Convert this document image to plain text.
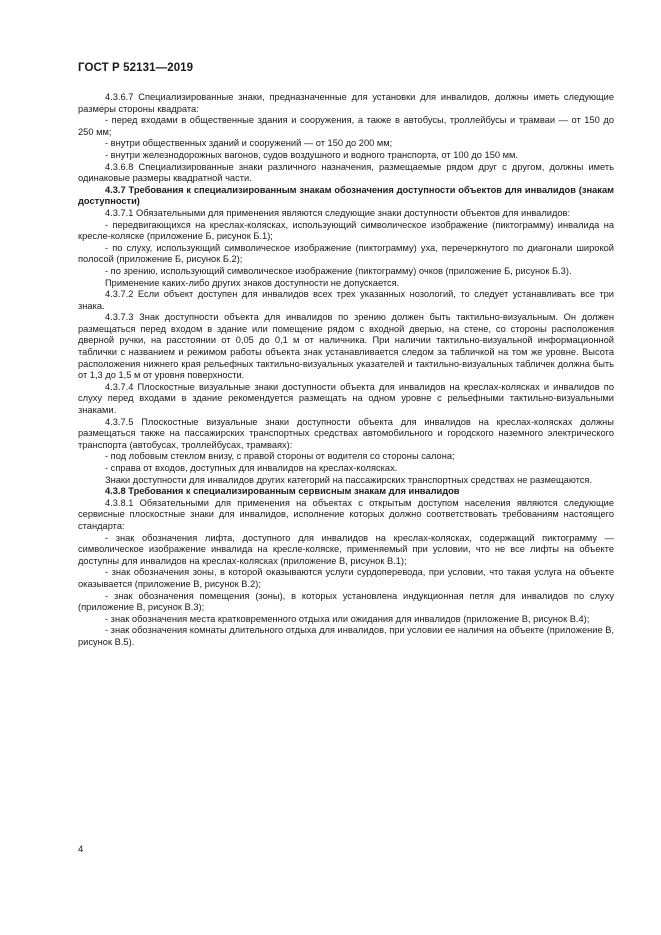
ГОСТ Р 52131—2019

4.3.6.7 Специализированные знаки, предназначенные для установки для инвалидов, должны иметь следующие размеры стороны квадрата:

- перед входами в общественные здания и сооружения, а также в автобусы, троллейбусы и трамваи — от 150 до 250 мм;

- внутри общественных зданий и сооружений — от 150 до 200 мм;

- внутри железнодорожных вагонов, судов воздушного и водного транспорта, от 100 до 150 мм.

4.3.6.8 Специализированные знаки различного назначения, размещаемые рядом друг с другом, должны иметь одинаковые размеры квадратной части.

4.3.7 Требования к специализированным знакам обозначения доступности объектов для инвалидов (знакам доступности)

4.3.7.1 Обязательными для применения являются следующие знаки доступности объектов для инвалидов:

- передвигающихся на креслах-колясках, использующий символическое изображение (пиктограмму) инвалида на кресле-коляске (приложение Б, рисунок Б.1);

- по слуху, использующий символическое изображение (пиктограмму) уха, перечеркнутого по диагонали широкой полосой (приложение Б, рисунок Б.2);

- по зрению, использующий символическое изображение (пиктограмму) очков (приложение Б, рисунок Б.3).

Применение каких-либо других знаков доступности не допускается.

4.3.7.2 Если объект доступен для инвалидов всех трех указанных нозологий, то следует устанавливать все три знака.

4.3.7.3 Знак доступности объекта для инвалидов по зрению должен быть тактильно-визуальным. Он должен размещаться перед входом в здание или помещение рядом с входной дверью, на стене, со стороны расположения дверной ручки, на расстоянии от 0,05 до 0,1 м от наличника. При наличии тактильно-визуальной информационной таблички с названием и режимом работы объекта знак устанавливается следом за табличкой на том же уровне. Высота расположения нижнего края рельефных тактильно-визуальных указателей и тактильно-визуальных табличек должна быть от 1,3 до 1,5 м от уровня поверхности.

4.3.7.4 Плоскостные визуальные знаки доступности объекта для инвалидов на креслах-колясках и инвалидов по слуху перед входами в здание рекомендуется размещать на одном уровне с рельефными тактильно-визуальными знаками.

4.3.7.5 Плоскостные визуальные знаки доступности объекта для инвалидов на креслах-колясках должны размещаться также на пассажирских транспортных средствах автомобильного и городского наземного электрического транспорта (автобусах, троллейбусах, трамваях):

- под лобовым стеклом внизу, с правой стороны от водителя со стороны салона;

- справа от входов, доступных для инвалидов на креслах-колясках.

Знаки доступности для инвалидов других категорий на пассажирских транспортных средствах не размещаются.

4.3.8 Требования к специализированным сервисным знакам для инвалидов

4.3.8.1 Обязательными для применения на объектах с открытым доступом населения являются следующие сервисные плоскостные знаки для инвалидов, исполнение которых должно соответствовать требованиям настоящего стандарта:

- знак обозначения лифта, доступного для инвалидов на креслах-колясках, содержащий пиктограмму — символическое изображение инвалида на кресле-коляске, применяемый при условии, что не все лифты на объекте доступны для инвалидов на креслах-колясках (приложение В, рисунок В.1);

- знак обозначения зоны, в которой оказываются услуги сурдоперевода, при условии, что такая услуга на объекте оказывается (приложение В, рисунок В.2);

- знак обозначения помещения (зоны), в которых установлена индукционная петля для инвалидов по слуху (приложение В, рисунок В.3);

- знак обозначения места кратковременного отдыха или ожидания для инвалидов (приложение В, рисунок В.4);

- знак обозначения комнаты длительного отдыха для инвалидов, при условии ее наличия на объекте (приложение В, рисунок В.5).

4
